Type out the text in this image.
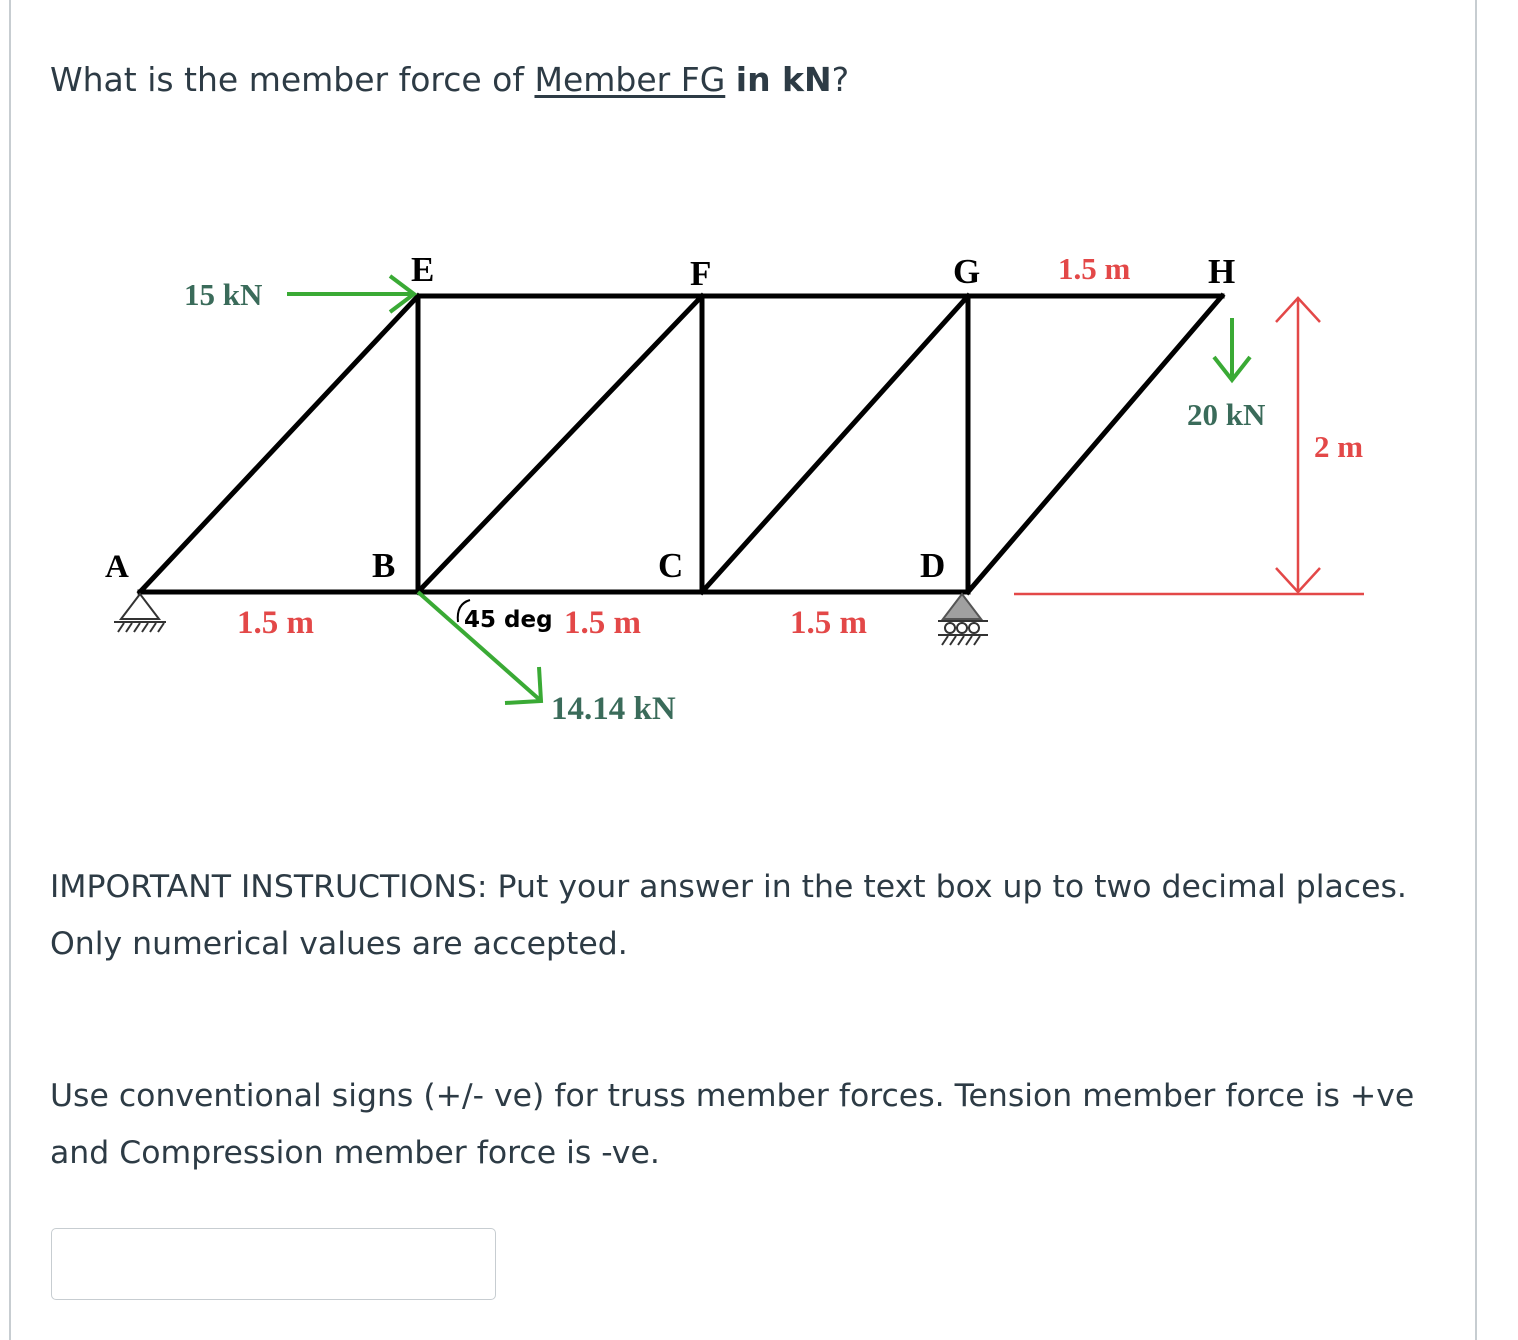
What is the member force of Member FG in kN?
A	B	C	D
E	F	G	H
15 kN
20 kN
14.14 kN
45 deg
1.5 m	1.5 m	1.5 m
1.5 m
2 m

IMPORTANT INSTRUCTIONS: Put your answer in the text box up to two decimal places. Only numerical values are accepted.

Use conventional signs (+/- ve) for truss member forces. Tension member force is +ve and Compression member force is -ve.
